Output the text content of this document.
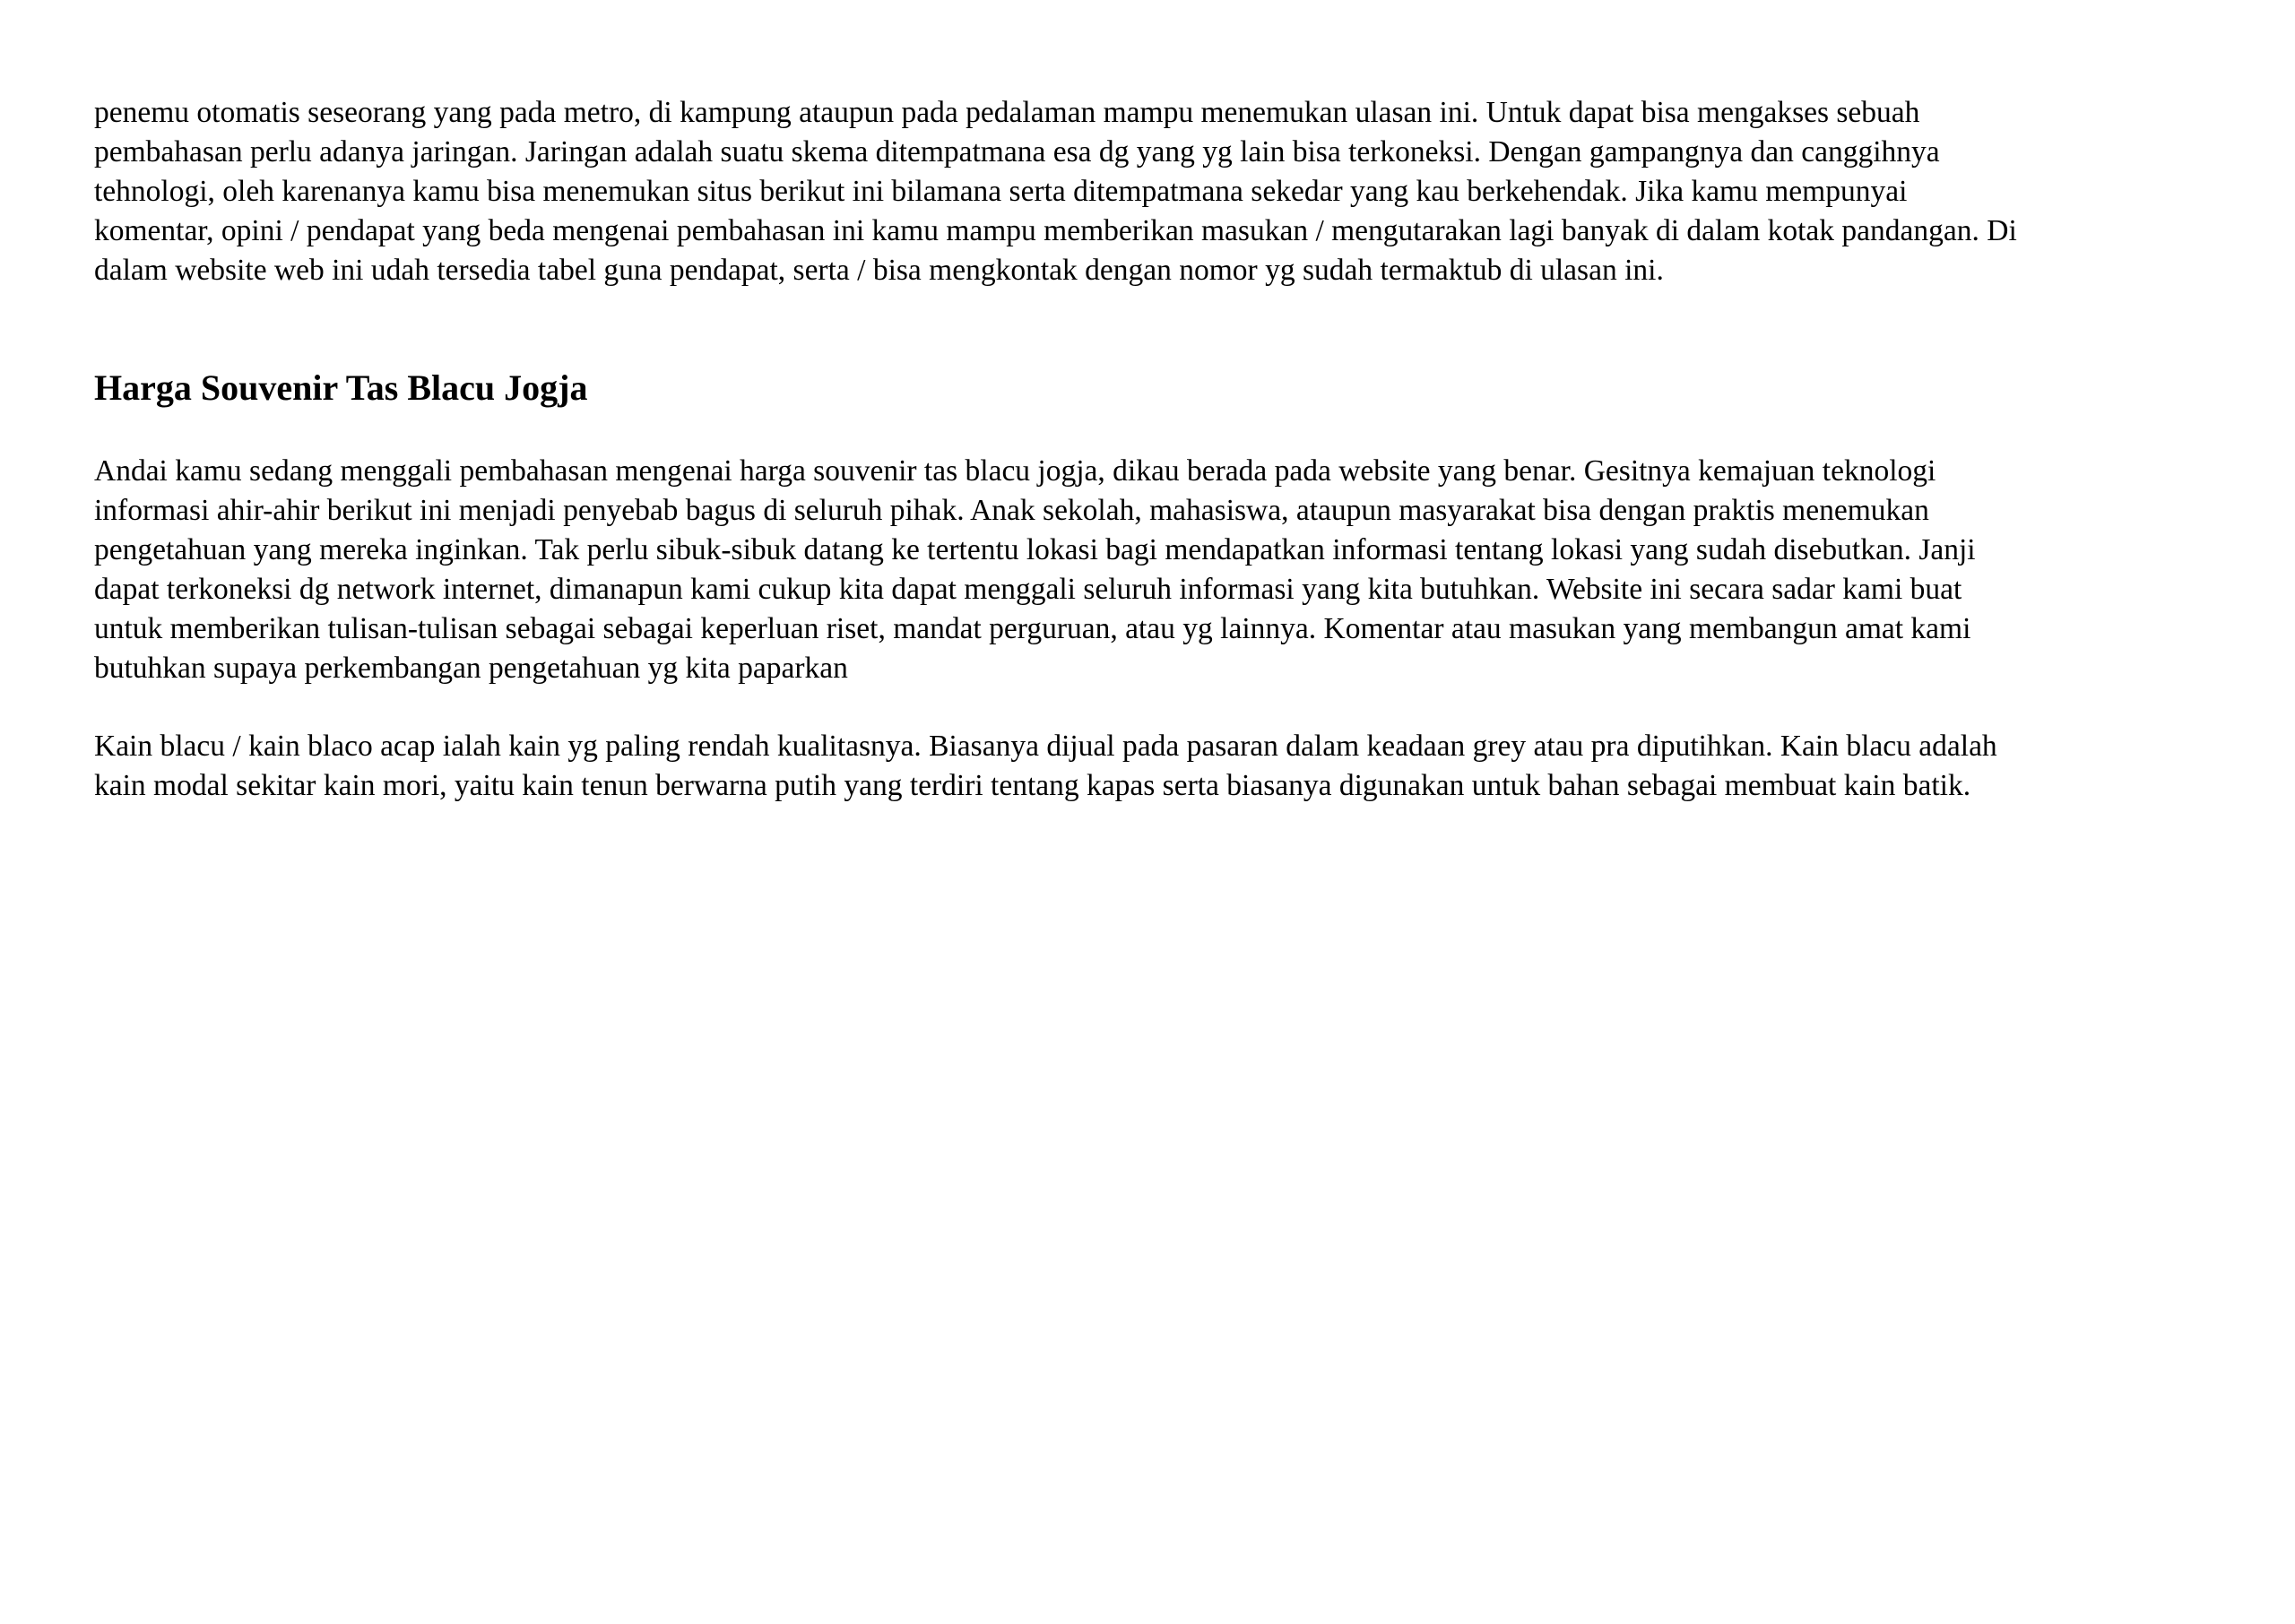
penemu otomatis seseorang yang pada metro, di kampung ataupun pada pedalaman mampu menemukan ulasan ini. Untuk dapat bisa mengakses sebuah
pembahasan perlu adanya jaringan. Jaringan adalah suatu skema ditempatmana esa dg yang yg lain bisa terkoneksi. Dengan gampangnya dan canggihnya
tehnologi, oleh karenanya kamu bisa menemukan situs berikut ini bilamana serta ditempatmana sekedar yang kau berkehendak. Jika kamu mempunyai
komentar, opini / pendapat yang beda mengenai pembahasan ini kamu mampu memberikan masukan / mengutarakan lagi banyak di dalam kotak pandangan. Di
dalam website web ini udah tersedia tabel guna pendapat, serta / bisa mengkontak dengan nomor yg sudah termaktub di ulasan ini.

Harga Souvenir Tas Blacu Jogja

Andai kamu sedang menggali pembahasan mengenai harga souvenir tas blacu jogja, dikau berada pada website yang benar. Gesitnya kemajuan teknologi
informasi ahir-ahir berikut ini menjadi penyebab bagus di seluruh pihak. Anak sekolah, mahasiswa, ataupun masyarakat bisa dengan praktis menemukan
pengetahuan yang mereka inginkan. Tak perlu sibuk-sibuk datang ke tertentu lokasi bagi mendapatkan informasi tentang lokasi yang sudah disebutkan. Janji
dapat terkoneksi dg network internet, dimanapun kami cukup kita dapat menggali seluruh informasi yang kita butuhkan. Website ini secara sadar kami buat
untuk memberikan tulisan-tulisan sebagai sebagai keperluan riset, mandat perguruan, atau yg lainnya. Komentar atau masukan yang membangun amat kami
butuhkan supaya perkembangan pengetahuan yg kita paparkan

Kain blacu / kain blaco acap ialah kain yg paling rendah kualitasnya. Biasanya dijual pada pasaran dalam keadaan grey atau pra diputihkan. Kain blacu adalah
kain modal sekitar kain mori, yaitu kain tenun berwarna putih yang terdiri tentang kapas serta biasanya digunakan untuk bahan sebagai membuat kain batik.
